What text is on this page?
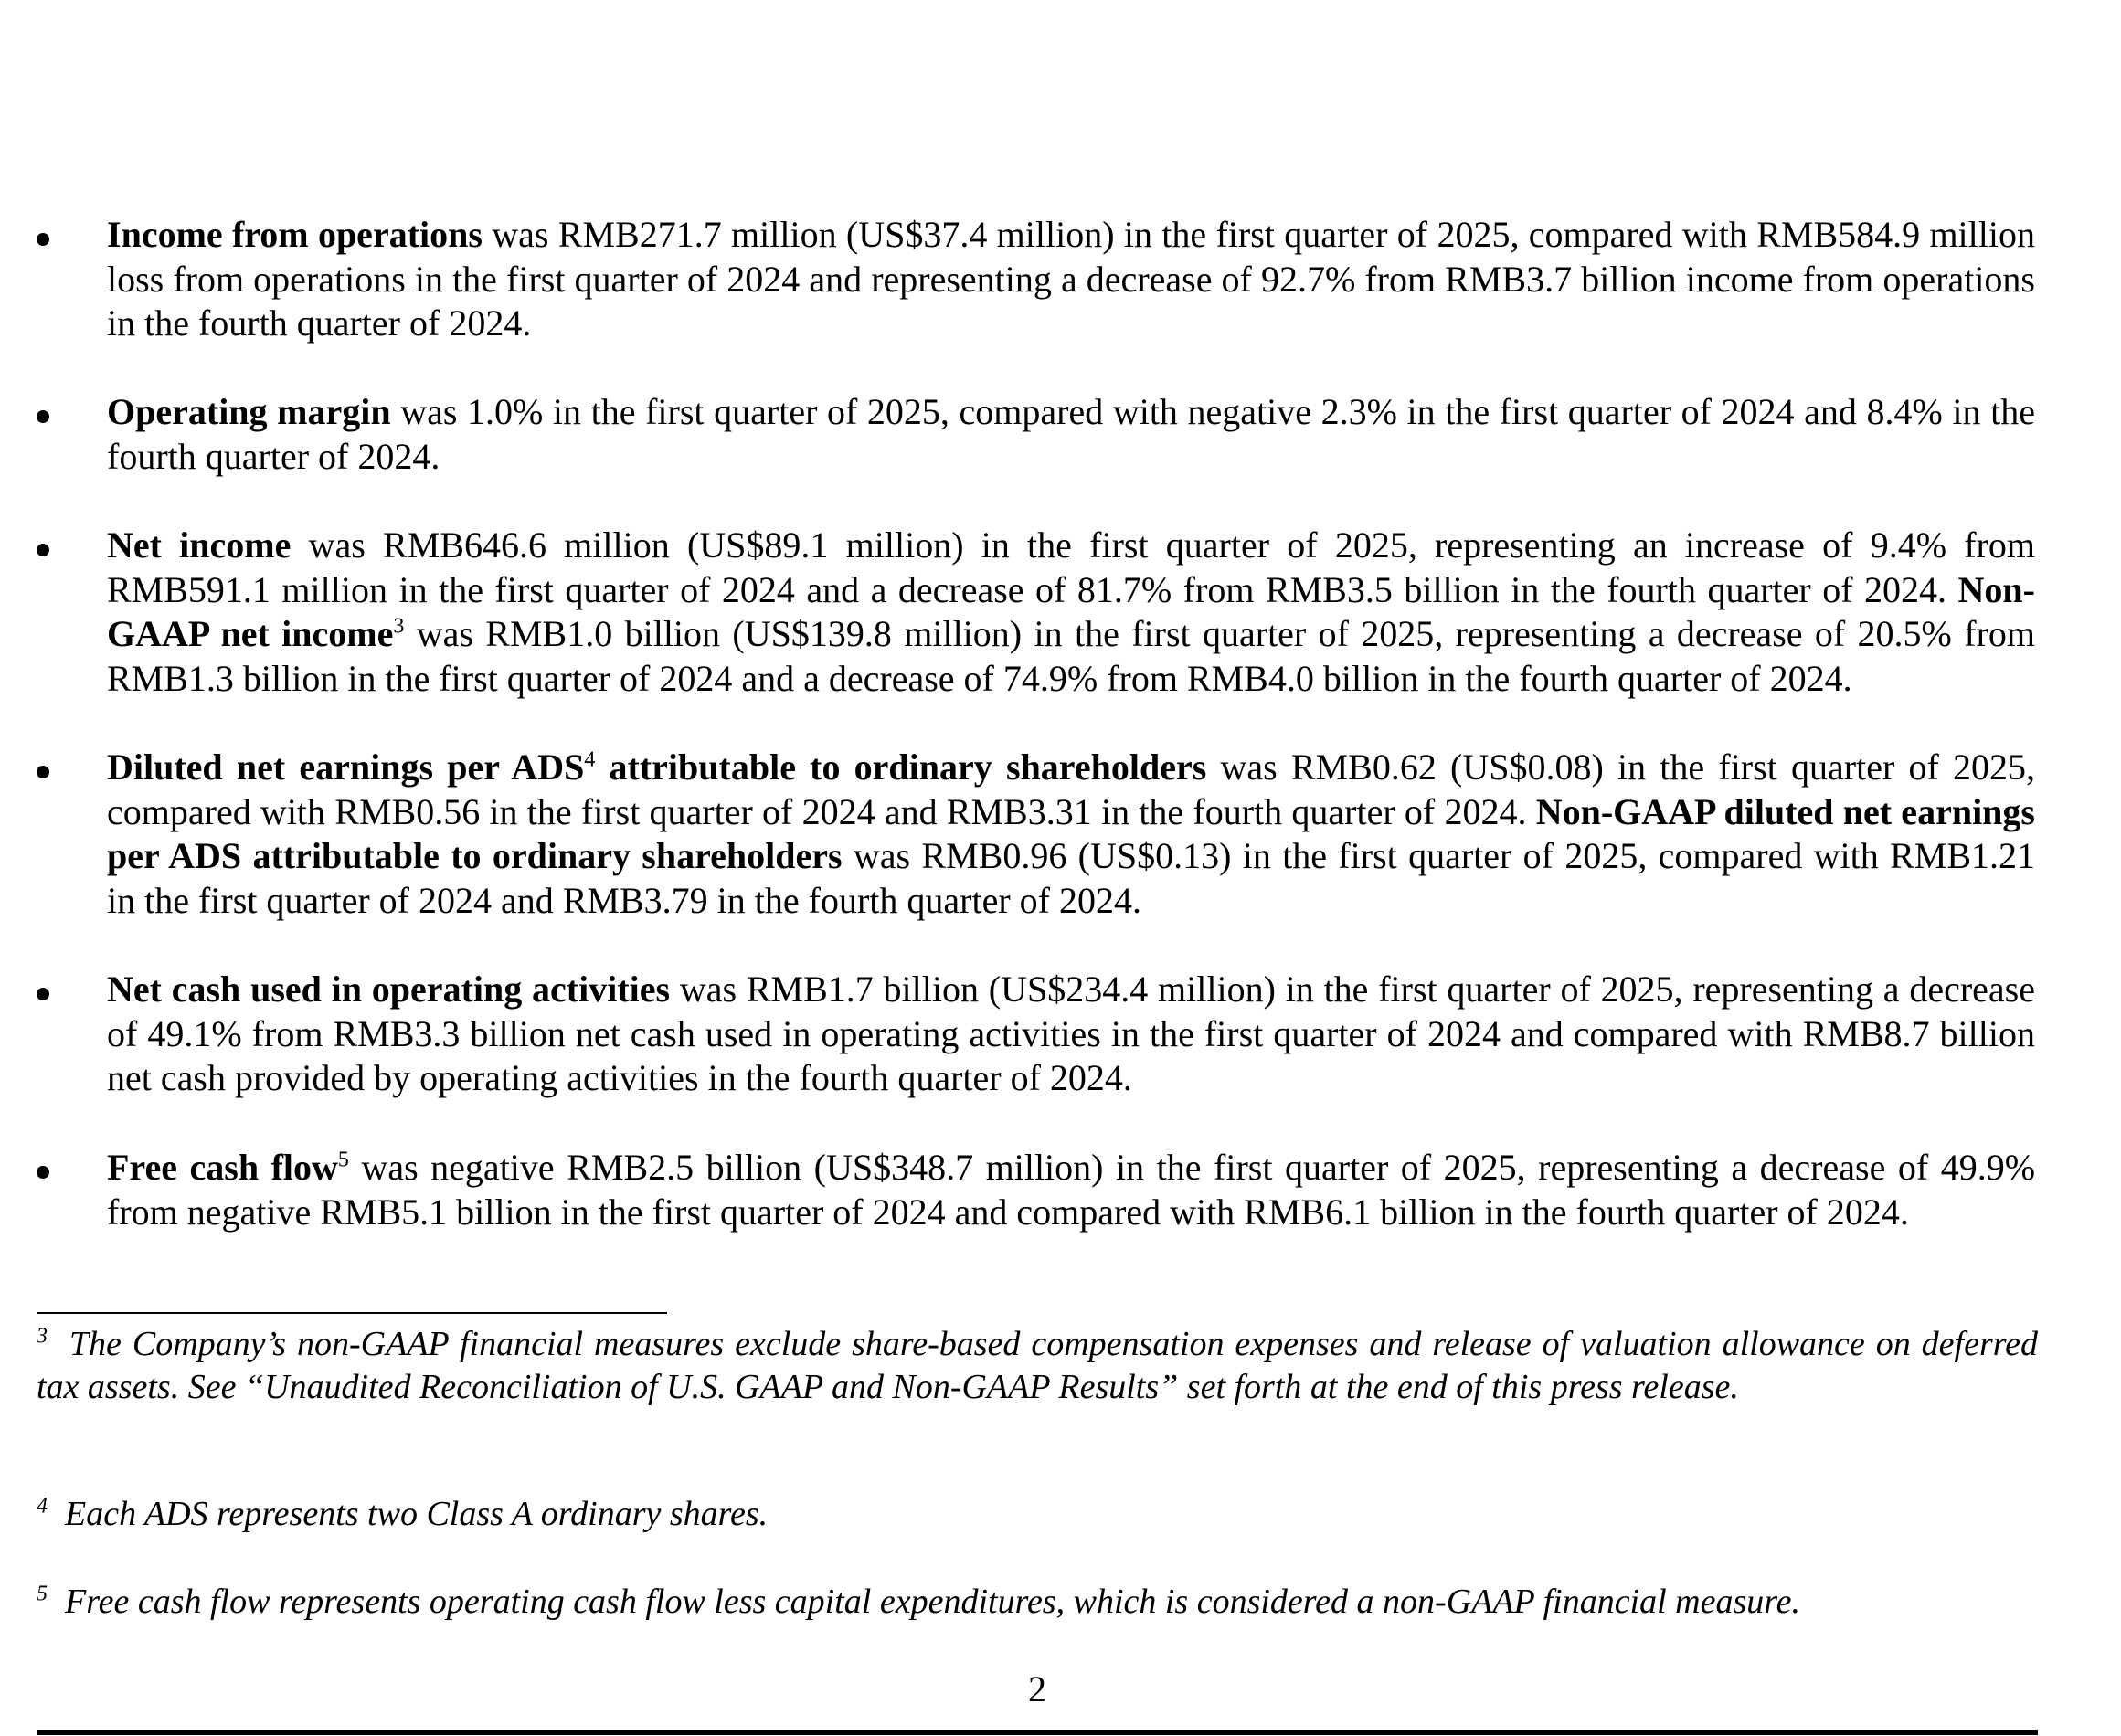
Income from operations was RMB271.7 million (US$37.4 million) in the first quarter of 2025, compared with RMB584.9 million loss from operations in the first quarter of 2024 and representing a decrease of 92.7% from RMB3.7 billion income from operations in the fourth quarter of 2024.

Operating margin was 1.0% in the first quarter of 2025, compared with negative 2.3% in the first quarter of 2024 and 8.4% in the fourth quarter of 2024.

Net income was RMB646.6 million (US$89.1 million) in the first quarter of 2025, representing an increase of 9.4% from RMB591.1 million in the first quarter of 2024 and a decrease of 81.7% from RMB3.5 billion in the fourth quarter of 2024. Non-GAAP net income$^3$ was RMB1.0 billion (US$139.8 million) in the first quarter of 2025, representing a decrease of 20.5% from RMB1.3 billion in the first quarter of 2024 and a decrease of 74.9% from RMB4.0 billion in the fourth quarter of 2024.

Diluted net earnings per ADS$^4$ attributable to ordinary shareholders was RMB0.62 (US$0.08) in the first quarter of 2025, compared with RMB0.56 in the first quarter of 2024 and RMB3.31 in the fourth quarter of 2024. Non-GAAP diluted net earnings per ADS attributable to ordinary shareholders was RMB0.96 (US$0.13) in the first quarter of 2025, compared with RMB1.21 in the first quarter of 2024 and RMB3.79 in the fourth quarter of 2024.

Net cash used in operating activities was RMB1.7 billion (US$234.4 million) in the first quarter of 2025, representing a decrease of 49.1% from RMB3.3 billion net cash used in operating activities in the first quarter of 2024 and compared with RMB8.7 billion net cash provided by operating activities in the fourth quarter of 2024.

Free cash flow$^5$ was negative RMB2.5 billion (US$348.7 million) in the first quarter of 2025, representing a decrease of 49.9% from negative RMB5.1 billion in the first quarter of 2024 and compared with RMB6.1 billion in the fourth quarter of 2024.

$^3$ The Company’s non-GAAP financial measures exclude share-based compensation expenses and release of valuation allowance on deferred tax assets. See “Unaudited Reconciliation of U.S. GAAP and Non-GAAP Results” set forth at the end of this press release.

$^4$ Each ADS represents two Class A ordinary shares.

$^5$ Free cash flow represents operating cash flow less capital expenditures, which is considered a non-GAAP financial measure.

2
